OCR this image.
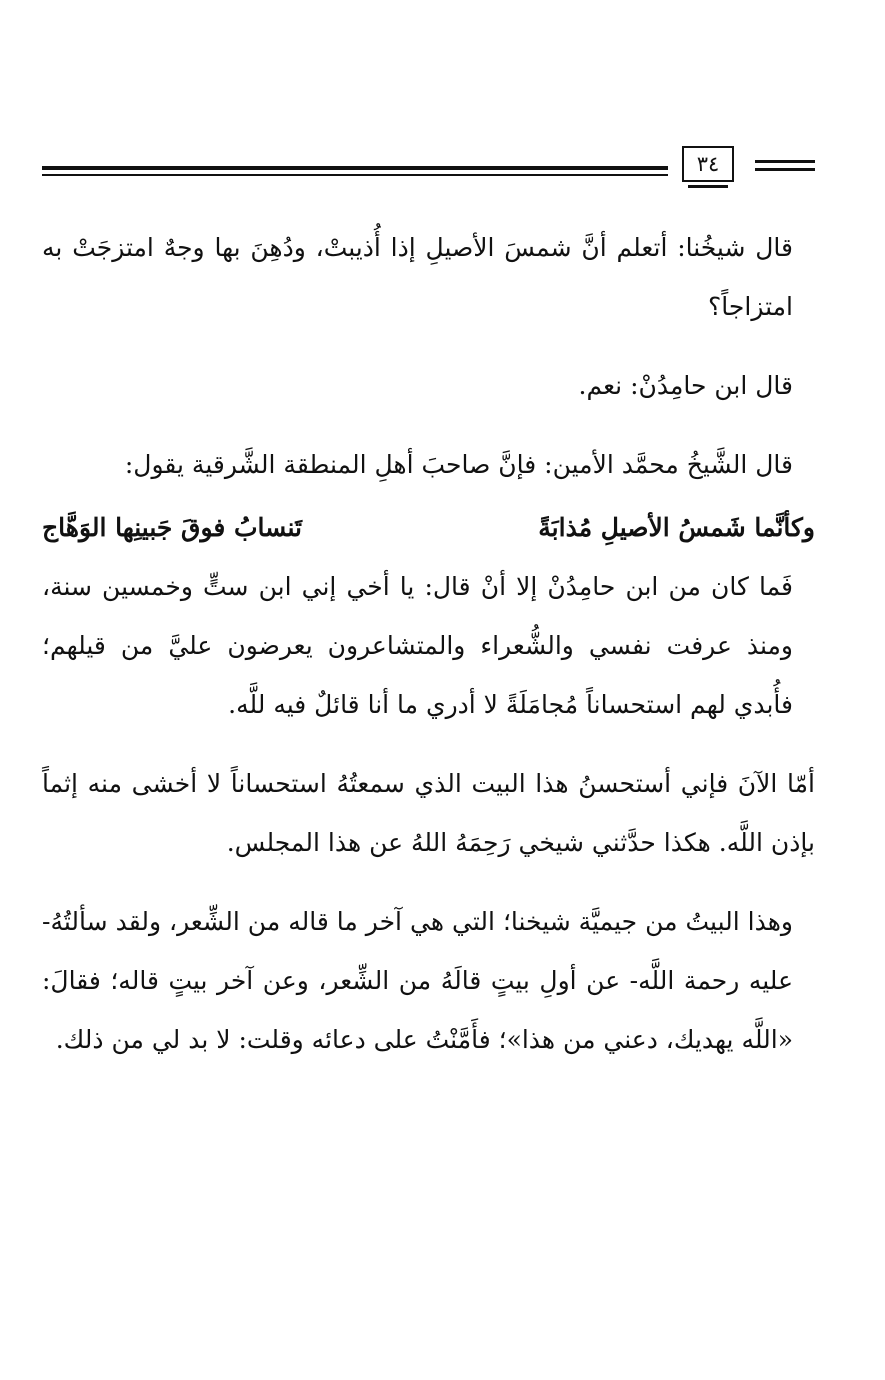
٣٤

قال شيخُنا: أتعلم أنَّ شمسَ الأصيلِ إذا أُذيبتْ، ودُهِنَ بها وجهٌ امتزجَتْ به امتزاجاً؟

قال ابن حامِدُنْ: نعم.

قال الشَّيخُ محمَّد الأمين: فإنَّ صاحبَ أهلِ المنطقة الشَّرقية يقول:

وكأنَّما شَمسُ الأصيلِ مُذابَةً
تَنسابُ فوقَ جَبينِها الوَهَّاج

فَما كان من ابن حامِدُنْ إلا أنْ قال: يا أخي إني ابن ستٍّ وخمسين سنة، ومنذ عرفت نفسي والشُّعراء والمتشاعرون يعرضون عليَّ من قيلهم؛ فأُبدي لهم استحساناً مُجامَلَةً لا أدري ما أنا قائلٌ فيه للَّه.

أمّا الآنَ فإني أستحسنُ هذا البيت الذي سمعتُهُ استحساناً لا أخشى منه إثماً بإذن اللَّه. هكذا حدَّثني شيخي رَحِمَهُ اللهُ عن هذا المجلس.

وهذا البيتُ من جيميَّة شيخنا؛ التي هي آخر ما قاله من الشِّعر، ولقد سألتُهُ- عليه رحمة اللَّه- عن أولِ بيتٍ قالَهُ من الشِّعر، وعن آخر بيتٍ قاله؛ فقالَ: «اللَّه يهديك، دعني من هذا»؛ فأَمَّنْتُ على دعائه وقلت: لا بد لي من ذلك.
